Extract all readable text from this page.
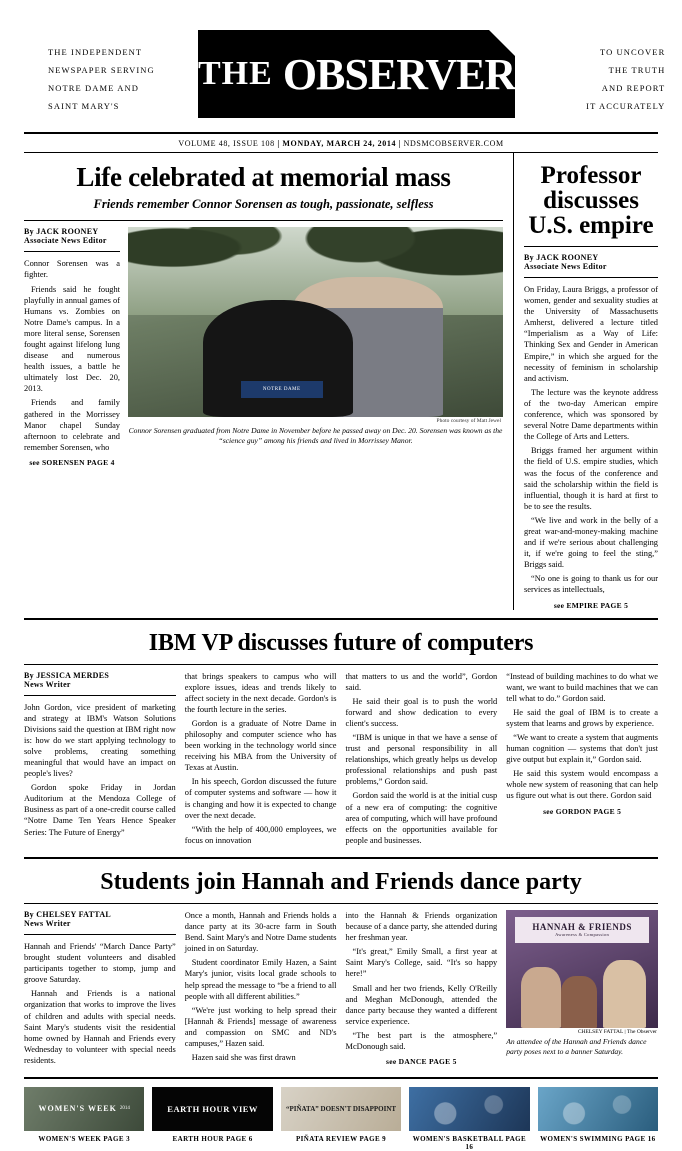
THE INDEPENDENT
NEWSPAPER SERVING
NOTRE DAME AND
SAINT MARY'S
THE OBSERVER	TO UNCOVER
THE TRUTH
AND REPORT
IT ACCURATELY
VOLUME 48, ISSUE 108 | MONDAY, MARCH 24, 2014 | NDSMCOBSERVER.COM
Life celebrated at memorial mass
Friends remember Connor Sorensen as tough, passionate, selfless
By JACK ROONEY
Associate News Editor

Connor Sorensen was a fighter.

Friends said he fought playfully in annual games of Humans vs. Zombies on Notre Dame's campus. In a more literal sense, Sorensen fought against lifelong lung disease and numerous health issues, a battle he ultimately lost Dec. 20, 2013.

Friends and family gathered in the Morrissey Manor chapel Sunday afternoon to celebrate and remember Sorensen, who

see SORENSEN PAGE 4
NOTRE DAME
Photo courtesy of Matt Jewel
Connor Sorensen graduated from Notre Dame in November before he passed away on Dec. 20. Sorensen was known as the “science guy” among his friends and lived in Morrissey Manor.
Professor discusses U.S. empire
By JACK ROONEY
Associate News Editor

On Friday, Laura Briggs, a professor of women, gender and sexuality studies at the University of Massachusetts Amherst, delivered a lecture titled “Imperialism as a Way of Life: Thinking Sex and Gender in American Empire,” in which she argued for the necessity of feminism in scholarship and activism.

The lecture was the keynote address of the two-day American empire conference, which was sponsored by several Notre Dame departments within the College of Arts and Letters.

Briggs framed her argument within the field of U.S. empire studies, which was the focus of the conference and said the scholarship within the field is influential, though it is hard at first to be to see the results.

“We live and work in the belly of a great war-and-money-making machine and if we're serious about challenging it, if we're going to feel the sting,” Briggs said.

“No one is going to thank us for our services as intellectuals,

see EMPIRE PAGE 5
IBM VP discusses future of computers
By JESSICA MERDES
News Writer

John Gordon, vice president of marketing and strategy at IBM's Watson Solutions Divisions said the question at IBM right now is: how do we start applying technology to solve problems, creating something meaningful that would have an impact on people's lives?

Gordon spoke Friday in Jordan Auditorium at the Mendoza College of Business as part of a one-credit course called “Notre Dame Ten Years Hence Speaker Series: The Future of Energy”

that brings speakers to campus who will explore issues, ideas and trends likely to affect society in the next decade. Gordon's is the fourth lecture in the series.

Gordon is a graduate of Notre Dame in philosophy and computer science who has been working in the technology world since receiving his MBA from the University of Texas at Austin.

In his speech, Gordon discussed the future of computer systems and software — how it is changing and how it is expected to change over the next decade.

“With the help of 400,000 employees, we focus on innovation

that matters to us and the world”, Gordon said.

He said their goal is to push the world forward and show dedication to every client's success.

“IBM is unique in that we have a sense of trust and personal responsibility in all relationships, which greatly helps us develop professional relationships and push past problems,” Gordon said.

Gordon said the world is at the initial cusp of a new era of computing: the cognitive area of computing, which will have profound effects on the opportunities available for people and businesses.

“Instead of building machines to do what we want, we want to build machines that we can tell what to do.” Gordon said.

He said the goal of IBM is to create a system that learns and grows by experience.

“We want to create a system that augments human cognition — systems that don't just give output but explain it,” Gordon said.

He said this system would encompass a whole new system of reasoning that can help us figure out what is out there. Gordon said

see GORDON PAGE 5
Students join Hannah and Friends dance party
By CHELSEY FATTAL
News Writer

Hannah and Friends' “March Dance Party” brought student volunteers and disabled participants together to stomp, jump and groove Saturday.

Hannah and Friends is a national organization that works to improve the lives of children and adults with special needs. Saint Mary's students visit the residential home owned by Hannah and Friends every Wednesday to volunteer with special needs residents.

Once a month, Hannah and Friends holds a dance party at its 30-acre farm in South Bend. Saint Mary's and Notre Dame students joined in on Saturday.

Student coordinator Emily Hazen, a Saint Mary's junior, visits local grade schools to help spread the message to “be a friend to all people with all different abilities.”

“We're just working to help spread their [Hannah & Friends] message of awareness and compassion on SMC and ND's campuses,” Hazen said.

Hazen said she was first drawn

into the Hannah & Friends organization because of a dance party, she attended during her freshman year.

“It's great,” Emily Small, a first year at Saint Mary's College, said. “It's so happy here!”

Small and her two friends, Kelly O'Reilly and Meghan McDonough, attended the dance party because they wanted a different service experience.

“The best part is the atmosphere,” McDonough said.

see DANCE PAGE 5
HANNAH & FRIENDS
Awareness & Compassion
CHELSEY FATTAL | The Observer
An attendee of the Hannah and Friends dance party poses next to a banner Saturday.
WOMEN'S WEEK 2014
WOMEN'S WEEK PAGE 3
EARTH HOUR VIEW
EARTH HOUR PAGE 6
“PIÑATA” DOESN'T DISAPPOINT
PIÑATA REVIEW PAGE 9	WOMEN'S BASKETBALL PAGE 16
WOMEN'S SWIMMING PAGE 16
